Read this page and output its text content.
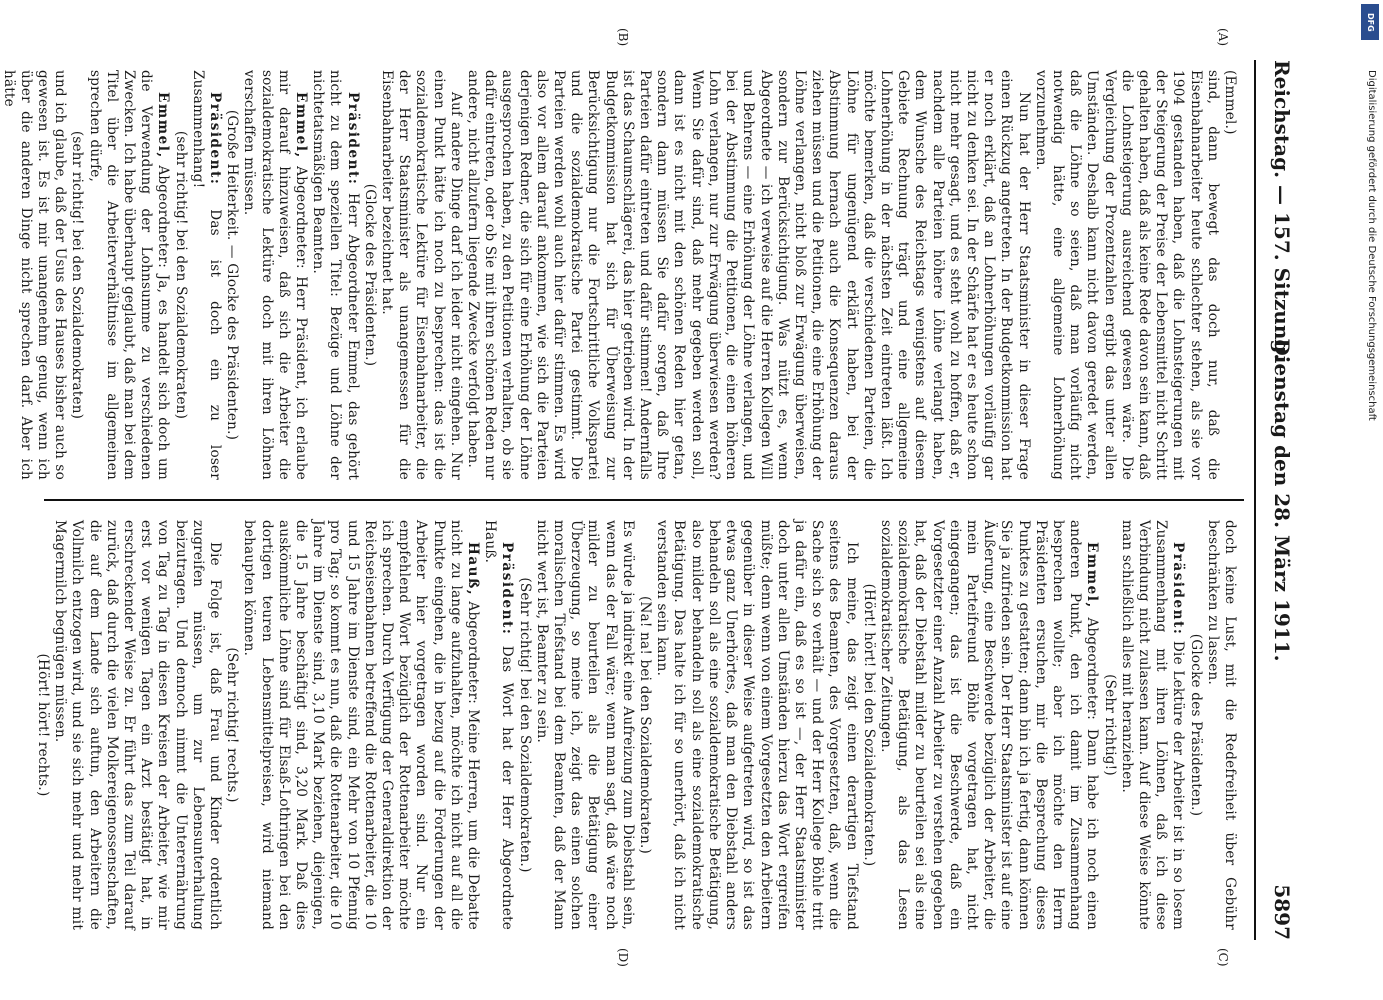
Reichstag. — 157. Sitzung.
Dienstag den 28. März 1911.
5897
(A)
(B)
(C)
(D)

(Emmel.)

sind, dann bewegt das doch nur, daß die Eisenbahnarbeiter heute schlechter stehen, als sie vor 1904 gestanden haben, daß die Lohnsteigerungen mit der Steigerung der Preise der Lebensmittel nicht Schritt gehalten haben, daß als keine Rede davon sein kann, daß die Lohnsteigerung ausreichend gewesen wäre. Die Vergleichung der Prozentzahlen ergibt das unter allen Umständen. Deshalb kann nicht davon geredet werden, daß die Löhne so seien, daß man vorläufig nicht notwendig hätte, eine allgemeine Lohnerhöhung vorzunehmen.

Nun hat der Herr Staatsminister in dieser Frage einen Rückzug angetreten. In der Budgetkommission hat er noch erklärt, daß an Lohnerhöhungen vorläufig gar nicht zu denken sei. In der Schärfe hat er es heute schon nicht mehr gesagt, und es steht wohl zu hoffen, daß er, nachdem alle Parteien höhere Löhne verlangt haben, dem Wunsche des Reichstags wenigstens auf diesem Gebiete Rechnung trägt und eine allgemeine Lohnerhöhung in der nächsten Zeit eintreten läßt. Ich möchte bemerken, daß die verschiedenen Parteien, die Löhne für ungenügend erklärt haben, bei der Abstimmung hernach auch die Konsequenzen daraus ziehen müssen und die Petitionen, die eine Erhöhung der Löhne verlangen, nicht bloß zur Erwägung überweisen, sondern zur Berücksichtigung. Was nützt es, wenn Abgeordnete — ich verweise auf die Herren Kollegen Will und Behrens — eine Erhöhung der Löhne verlangen, und bei der Abstimmung die Petitionen, die einen höheren Lohn verlangen, nur zur Erwägung überwiesen werden? Wenn Sie dafür sind, daß mehr gegeben werden soll, dann ist es nicht mit den schönen Reden hier getan, sondern dann müssen Sie dafür sorgen, daß Ihre Parteien dafür eintreten und dafür stimmen! Andernfalls ist das Schaumschlägerei, das hier getrieben wird. In der Budgetkommission hat sich für Überweisung zur Berücksichtigung nur die Fortschrittliche Volkspartei und die sozialdemokratische Partei gestimmt. Die Parteien werden wohl auch hier dafür stimmen. Es wird also vor allem darauf ankommen, wie sich die Parteien derjenigen Redner, die sich für eine Erhöhung der Löhne ausgesprochen haben, zu den Petitionen verhalten, ob sie dafür eintreten, oder ob Sie mit ihren schönen Reden nur andere, nicht allzufern liegende Zwecke verfolgt haben.

Auf andere Dinge darf ich leider nicht eingehen. Nur einen Punkt hätte ich noch zu besprechen: das ist die sozialdemokratische Lektüre für Eisenbahnarbeiter, die der Herr Staatsminister als unangemessen für die Eisenbahnarbeiter bezeichnet hat.

(Glocke des Präsidenten.)

Präsident: Herr Abgeordneter Emmel, das gehört nicht zu dem speziellen Titel: Bezüge und Löhne der nichtetatsmäßigen Beamten.

Emmel, Abgeordneter: Herr Präsident, ich erlaube mir darauf hinzuweisen, daß sich die Arbeiter die sozialdemokratische Lektüre doch mit ihren Löhnen verschaffen müssen.

(Große Heiterkeit. — Glocke des Präsidenten.)

Präsident: Das ist doch ein zu loser Zusammenhang!

(sehr richtig! bei den Sozialdemokraten)

Emmel, Abgeordneter: Ja, es handelt sich doch um die Verwendung der Lohnsumme zu verschiedenen Zwecken. Ich habe überhaupt geglaubt, daß man bei dem Titel über die Arbeiterverhältnisse im allgemeinen sprechen dürfe,

(sehr richtig! bei den Sozialdemokraten)

und ich glaube, daß der Usus des Hauses bisher auch so gewesen ist. Es ist mir unangenehm genug, wenn ich über die anderen Dinge nicht sprechen darf. Aber ich hätte

doch keine Lust, mit die Redefreiheit über Gebühr beschränken zu lassen.

(Glocke des Präsidenten.)

Präsident: Die Lektüre der Arbeiter ist in so losem Zusammenhang mit ihren Löhnen, daß ich diese Verbindung nicht zulassen kann. Auf diese Weise könnte man schließlich alles mit heranziehen.

(Sehr richtig!)

Emmel, Abgeordneter: Dann habe ich noch einen anderen Punkt, den ich damit im Zusammenhang besprechen wollte; aber ich möchte den Herrn Präsidenten ersuchen, mir die Besprechung dieses Punktes zu gestatten; dann bin ich ja fertig, dann können Sie ja zufrieden sein. Der Herr Staatsminister ist auf eine Äußerung, eine Beschwerde bezüglich der Arbeiter, die mein Parteifreund Böhle vorgetragen hat, nicht eingegangen; das ist die Beschwerde, daß ein Vorgesetzter einer Anzahl Arbeiter zu verstehen gegeben hat, daß der Diebstahl milder zu beurteilen sei als eine sozialdemokratische Betätigung, als das Lesen sozialdemokratischer Zeitungen.

(Hört! hört! bei den Sozialdemokraten.)

Ich meine, das zeigt einen derartigen Tiefstand seitens des Beamten, des Vorgesetzten, daß, wenn die Sache sich so verhält — und der Herr Kollege Böhle tritt ja dafür ein, daß es so ist —, der Herr Staatsminister doch unter allen Umständen hierzu das Wort ergreifen müßte; denn wenn von einem Vorgesetzten den Arbeitern gegenüber in dieser Weise aufgetreten wird, so ist das etwas ganz Unerhörtes, daß man den Diebstahl anders behandeln soll als eine sozialdemokratische Betätigung, also milder behandeln soll als eine sozialdemokratische Betätigung. Das halte ich für so unerhört, daß ich nicht verstanden sein kann.

(Na! na! bei den Sozialdemokraten.)

Es würde ja indirekt eine Aufreizung zum Diebstahl sein, wenn das der Fall wäre; wenn man sagt, daß wäre noch milder zu beurteilen als die Betätigung einer Überzeugung, so meine ich, zeigt das einen solchen moralischen Tiefstand bei dem Beamten, daß der Mann nicht wert ist, Beamter zu sein.

(Sehr richtig! bei den Sozialdemokraten.)

Präsident: Das Wort hat der Herr Abgeordnete Hauß.

Hauß, Abgeordneter: Meine Herren, um die Debatte nicht zu lange aufzuhalten, möchte ich nicht auf all die Punkte eingehen, die in bezug auf die Forderungen der Arbeiter hier vorgetragen worden sind. Nur ein empfehlend Wort bezüglich der Rottenarbeiter möchte ich sprechen. Durch Verfügung der Generaldirektion der Reichseisenbahnen betreffend die Rottenarbeiter, die 10 und 15 Jahre im Dienste sind, ein Mehr von 10 Pfennig pro Tag; so kommt es nun, daß die Rottenarbeiter, die 10 Jahre im Dienste sind, 3,10 Mark beziehen, diejenigen, die 15 Jahre beschäftigt sind, 3,20 Mark. Daß dies auskömmliche Löhne sind für Elsaß-Lothringen bei den dortigen teuren Lebensmittelpreisen, wird niemand behaupten können.

(Sehr richtig! rechts.)

Die Folge ist, daß Frau und Kinder ordentlich zugreifen müssen, um zur Lebensunterhaltung beizutragen. Und dennoch nimmt die Unterernährung von Tag zu Tag in diesen Kreisen der Arbeiter, wie mir erst vor wenigen Tagen ein Arzt bestätigt hat, in erschreckender Weise zu. Er führt das zum Teil darauf zurück, daß durch die vielen Molkereigenossenschaften, die auf dem Lande sich auftun, den Arbeitern die Vollmilch entzogen wird, und sie sich mehr und mehr mit Magermilch begnügen müssen.

(Hört! hört! rechts.)

DFG
Digitalisierung gefördert durch die Deutsche Forschungsgemeinschaft
